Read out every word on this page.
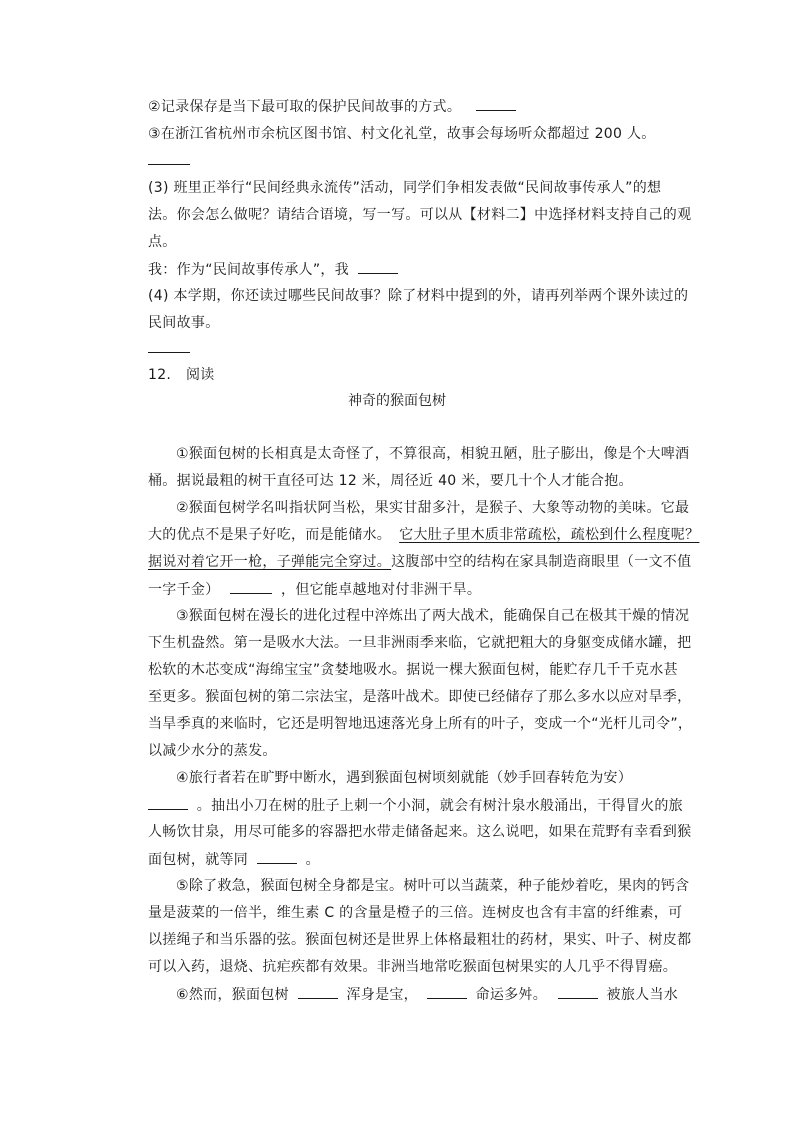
②记录保存是当下最可取的保护民间故事的方式。
③在浙江省杭州市余杭区图书馆、村文化礼堂，故事会每场听众都超过 200 人。
(3) 班里正举行“民间经典永流传”活动，同学们争相发表做“民间故事传承人”的想
法。你会怎么做呢？请结合语境，写一写。可以从【材料二】中选择材料支持自己的观
点。
我：作为“民间故事传承人”，我
(4) 本学期，你还读过哪些民间故事？除了材料中提到的外，请再列举两个课外读过的
民间故事。
12. 阅读
神奇的猴面包树
①猴面包树的长相真是太奇怪了，不算很高，相貌丑陋，肚子膨出，像是个大啤酒
桶。据说最粗的树干直径可达 12 米，周径近 40 米，要几十个人才能合抱。
②猴面包树学名叫指状阿当松，果实甘甜多汁，是猴子、大象等动物的美味。它最
大的优点不是果子好吃，而是能储水。 它大肚子里木质非常疏松，疏松到什么程度呢？
据说对着它开一枪，子弹能完全穿过。这腹部中空的结构在家具制造商眼里（一文不值
一字千金）	，但它能卓越地对付非洲干旱。
③猴面包树在漫长的进化过程中淬炼出了两大战术，能确保自己在极其干燥的情况
下生机盎然。第一是吸水大法。一旦非洲雨季来临，它就把粗大的身躯变成储水罐，把
松软的木芯变成“海绵宝宝”贪婪地吸水。据说一棵大猴面包树，能贮存几千千克水甚
至更多。猴面包树的第二宗法宝，是落叶战术。即使已经储存了那么多水以应对旱季，
当旱季真的来临时，它还是明智地迅速落光身上所有的叶子，变成一个“光杆儿司令”，
以减少水分的蒸发。
④旅行者若在旷野中断水，遇到猴面包树顷刻就能（妙手回春转危为安）
。抽出小刀在树的肚子上刺一个小洞，就会有树汁泉水般涌出，干得冒火的旅
人畅饮甘泉，用尽可能多的容器把水带走储备起来。这么说吧，如果在荒野有幸看到猴
面包树，就等同	。
⑤除了救急，猴面包树全身都是宝。树叶可以当蔬菜，种子能炒着吃，果肉的钙含
量是菠菜的一倍半，维生素 C 的含量是橙子的三倍。连树皮也含有丰富的纤维素，可
以搓绳子和当乐器的弦。猴面包树还是世界上体格最粗壮的药材，果实、叶子、树皮都
可以入药，退烧、抗疟疾都有效果。非洲当地常吃猴面包树果实的人几乎不得胃癌。
⑥然而，猴面包树	浑身是宝，	命运多舛。	被旅人当水
